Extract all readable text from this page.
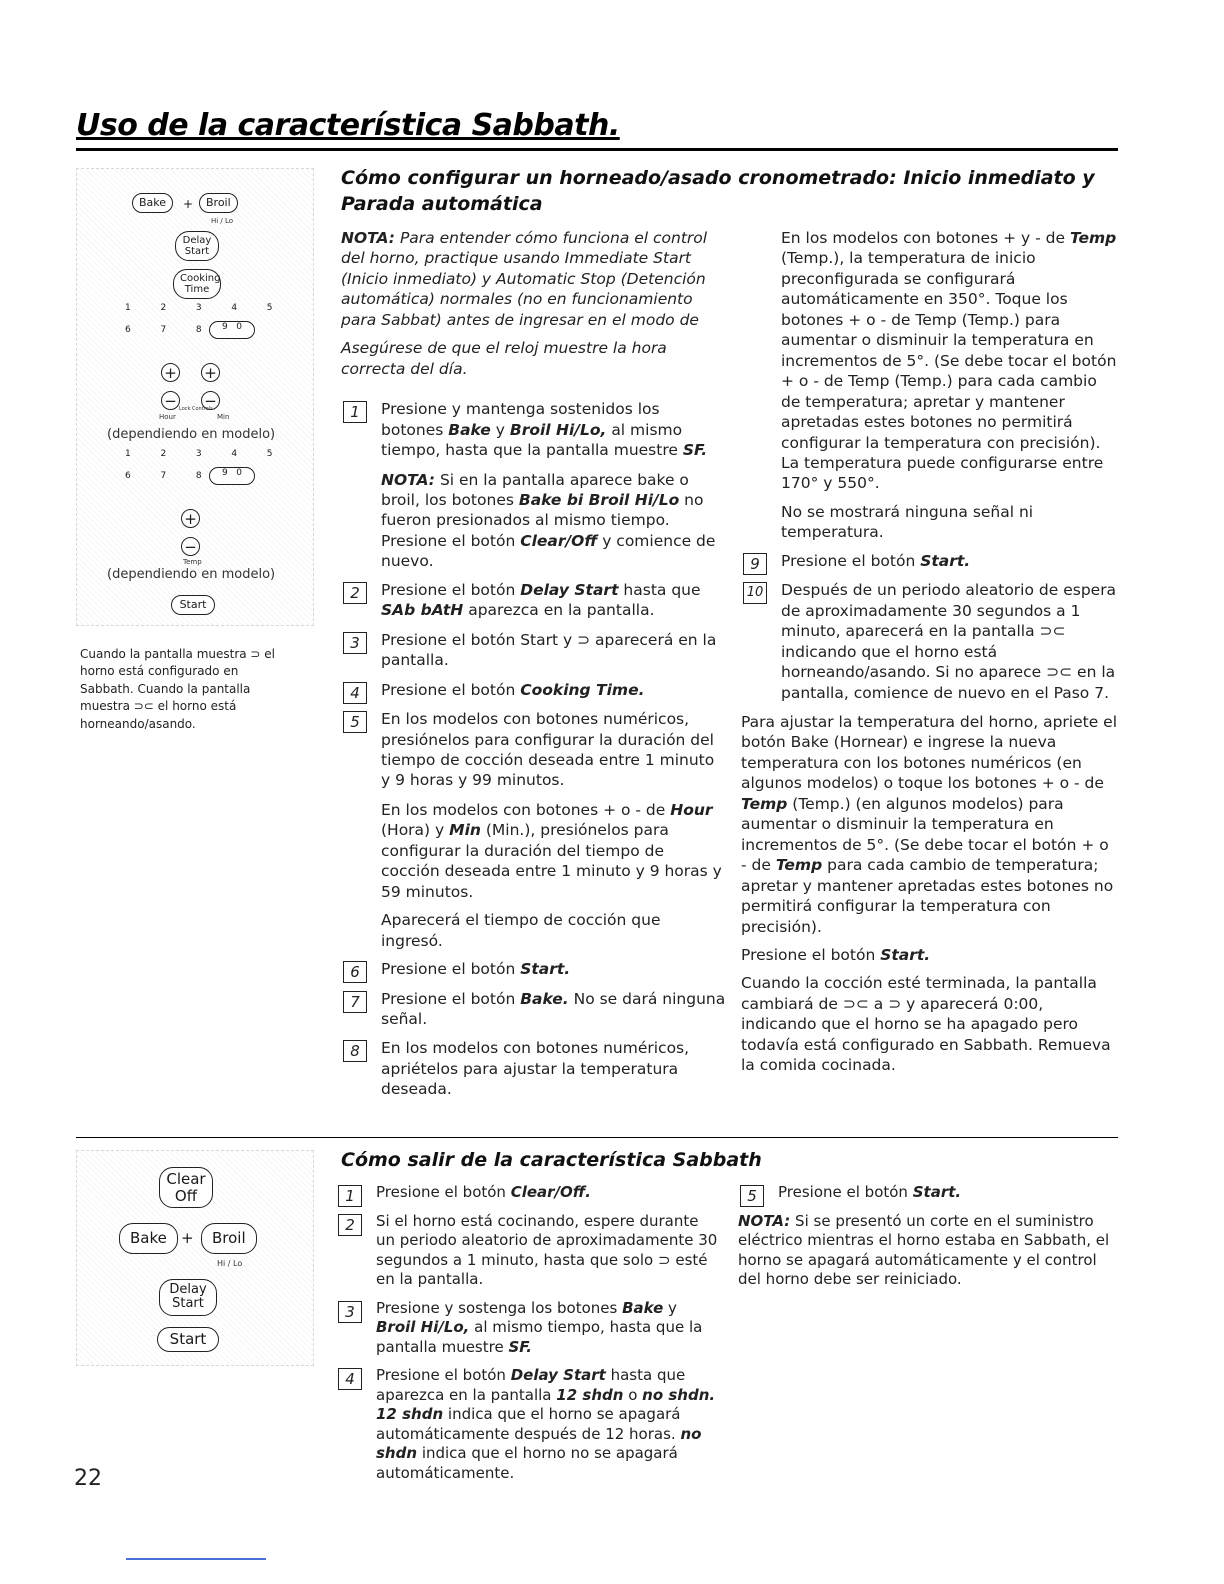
Uso de la característica Sabbath.
Bake	+	Broil
Hi / Lo
Delay Start
Cooking Time
1  2  3  4  5
6  7  8	9 0
+ +
− −
Hour
Lock Controls
Min
(dependiendo en modelo)
1  2  3  4  5
6  7  8	9 0
+
−
Temp
(dependiendo en modelo)
Start

Cuando la pantalla muestra ⊃ el horno está configurado en Sabbath. Cuando la pantalla muestra ⊃⊂ el horno está horneando/asando.

Cómo configurar un horneado/asado cronometrado: Inicio inmediato y Parada automática

NOTA: Para entender cómo funciona el control del horno, practique usando Immediate Start (Inicio inmediato) y Automatic Stop (Detención automática) normales (no en funcionamiento para Sabbat) antes de ingresar en el modo de

Asegúrese de que el reloj muestre la hora correcta del día.

1	Presione y mantenga sostenidos los botones Bake y Broil Hi/Lo, al mismo tiempo, hasta que la pantalla muestre SF.

NOTA: Si en la pantalla aparece bake o broil, los botones Bake bi Broil Hi/Lo no fueron presionados al mismo tiempo. Presione el botón Clear/Off y comience de nuevo.

2	Presione el botón Delay Start hasta que SAb bAtH aparezca en la pantalla.
3	Presione el botón Start y ⊃ aparecerá en la pantalla.
4	Presione el botón Cooking Time.
5	En los modelos con botones numéricos, presiónelos para configurar la duración del tiempo de cocción deseada entre 1 minuto y 9 horas y 99 minutos.

En los modelos con botones + o - de Hour (Hora) y Min (Min.), presiónelos para configurar la duración del tiempo de cocción deseada entre 1 minuto y 9 horas y 59 minutos.

Aparecerá el tiempo de cocción que ingresó.

6	Presione el botón Start.
7	Presione el botón Bake. No se dará ninguna señal.
8	En los modelos con botones numéricos, apriételos para ajustar la temperatura deseada.

En los modelos con botones + y - de Temp (Temp.), la temperatura de inicio preconfigurada se configurará automáticamente en 350°. Toque los botones + o - de Temp (Temp.) para aumentar o disminuir la temperatura en incrementos de 5°. (Se debe tocar el botón + o - de Temp (Temp.) para cada cambio de temperatura; apretar y mantener apretadas estes botones no permitirá configurar la temperatura con precisión). La temperatura puede configurarse entre 170° y 550°.

No se mostrará ninguna señal ni temperatura.

9	Presione el botón Start.
10 Después de un periodo aleatorio de espera de aproximadamente 30 segundos a 1 minuto, aparecerá en la pantalla ⊃⊂ indicando que el horno está horneando/asando. Si no aparece ⊃⊂ en la pantalla, comience de nuevo en el Paso 7.

Para ajustar la temperatura del horno, apriete el botón Bake (Hornear) e ingrese la nueva temperatura con los botones numéricos (en algunos modelos) o toque los botones + o - de Temp (Temp.) (en algunos modelos) para aumentar o disminuir la temperatura en incrementos de 5°. (Se debe tocar el botón + o - de Temp para cada cambio de temperatura; apretar y mantener apretadas estes botones no permitirá configurar la temperatura con precisión).

Presione el botón Start.

Cuando la cocción esté terminada, la pantalla cambiará de ⊃⊂ a ⊃ y aparecerá 0:00, indicando que el horno se ha apagado pero todavía está configurado en Sabbath. Remueva la comida cocinada.

Clear Off
Bake +	Broil
Hi / Lo
Delay Start
Start
Cómo salir de la característica Sabbath
1	Presione el botón Clear/Off.
2	Si el horno está cocinando, espere durante un periodo aleatorio de aproximadamente 30 segundos a 1 minuto, hasta que solo ⊃ esté en la pantalla.
3	Presione y sostenga los botones Bake y Broil Hi/Lo, al mismo tiempo, hasta que la pantalla muestre SF.
4	Presione el botón Delay Start hasta que aparezca en la pantalla 12 shdn o no shdn. 12 shdn indica que el horno se apagará automáticamente después de 12 horas. no shdn indica que el horno no se apagará automáticamente.
5	Presione el botón Start.

NOTA: Si se presentó un corte en el suministro eléctrico mientras el horno estaba en Sabbath, el horno se apagará automáticamente y el control del horno debe ser reiniciado.

22
